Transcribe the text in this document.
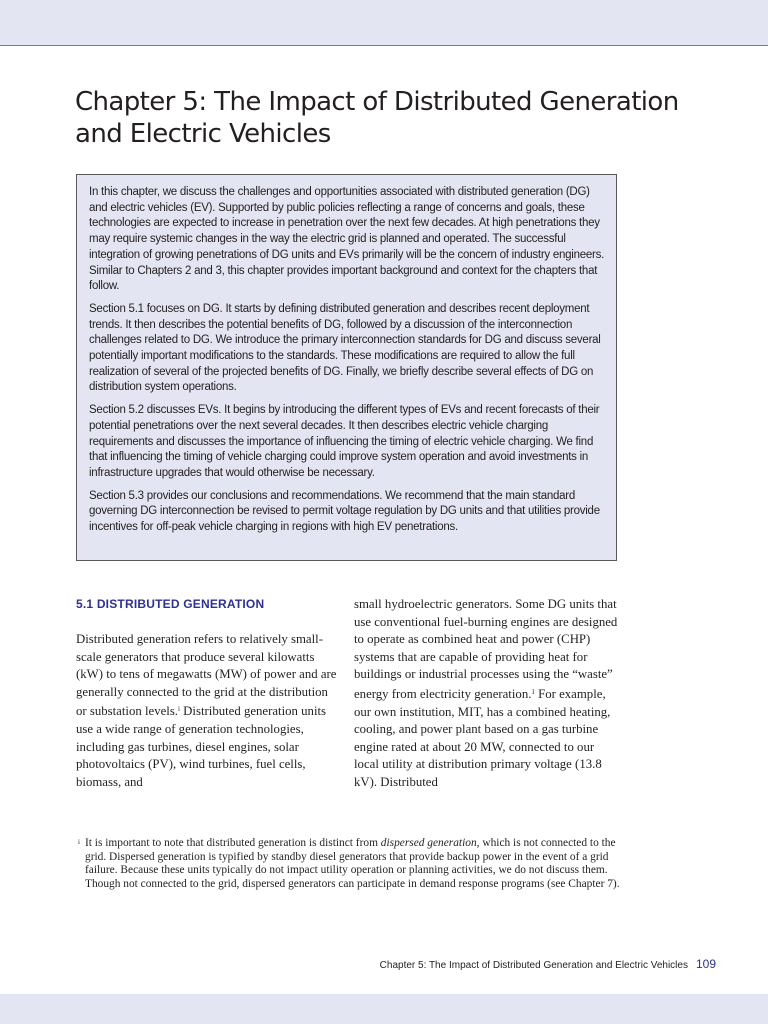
Chapter 5: The Impact of Distributed Generation and Electric Vehicles

In this chapter, we discuss the challenges and opportunities associated with distributed generation (DG) and electric vehicles (EV). Supported by public policies reflecting a range of concerns and goals, these technologies are expected to increase in penetration over the next few decades. At high penetrations they may require systemic changes in the way the electric grid is planned and operated. The successful integration of growing penetrations of DG units and EVs primarily will be the concern of industry engineers. Similar to Chapters 2 and 3, this chapter provides important background and context for the chapters that follow.

Section 5.1 focuses on DG. It starts by defining distributed generation and describes recent deployment trends. It then describes the potential benefits of DG, followed by a discussion of the interconnection challenges related to DG. We introduce the primary interconnection standards for DG and discuss several potentially important modifications to the standards. These modifications are required to allow the full realization of several of the projected benefits of DG. Finally, we briefly describe several effects of DG on distribution system operations.

Section 5.2 discusses EVs. It begins by introducing the different types of EVs and recent forecasts of their potential penetrations over the next several decades. It then describes electric vehicle charging requirements and discusses the importance of influencing the timing of electric vehicle charging. We find that influencing the timing of vehicle charging could improve system operation and avoid investments in infrastructure upgrades that would otherwise be necessary.

Section 5.3 provides our conclusions and recommendations. We recommend that the main standard governing DG interconnection be revised to permit voltage regulation by DG units and that utilities provide incentives for off-peak vehicle charging in regions with high EV penetrations.

5.1 DISTRIBUTED GENERATION

Distributed generation refers to relatively small-scale generators that produce several kilowatts (kW) to tens of megawatts (MW) of power and are generally connected to the grid at the distribution or substation levels.$^i$ Distributed generation units use a wide range of generation technologies, including gas turbines, diesel engines, solar photovoltaics (PV), wind turbines, fuel cells, biomass, and

small hydroelectric generators. Some DG units that use conventional fuel-burning engines are designed to operate as combined heat and power (CHP) systems that are capable of providing heat for buildings or industrial processes using the “waste” energy from electricity generation.$^1$ For example, our own institution, MIT, has a combined heating, cooling, and power plant based on a gas turbine engine rated at about 20 MW, connected to our local utility at distribution primary voltage (13.8 kV). Distributed

i It is important to note that distributed generation is distinct from dispersed generation, which is not connected to the grid. Dispersed generation is typified by standby diesel generators that provide backup power in the event of a grid failure. Because these units typically do not impact utility operation or planning activities, we do not discuss them. Though not connected to the grid, dispersed generators can participate in demand response programs (see Chapter 7).

Chapter 5: The Impact of Distributed Generation and Electric Vehicles 109
